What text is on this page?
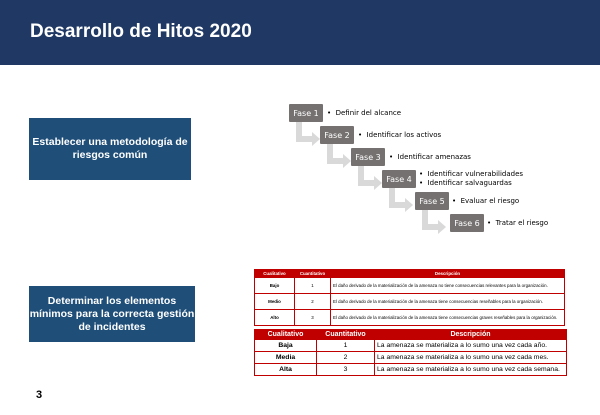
Desarrollo de Hitos 2020
Establecer una metodología de riesgos común
Determinar los elementos mínimos para la correcta gestión de incidentes
Fase 1	•  Definir del alcance
Fase 2	•  Identificar los activos
Fase 3	•  Identificar amenazas
Fase 4
•  Identificar vulnerabilidades
•  Identificar salvaguardas
Fase 5	•  Evaluar el riesgo
Fase 6	•  Tratar el riesgo
Cualitativo	Cuantitativo	Descripción
Bajo	1	El daño derivado de la materialización de la amenaza no tiene consecuencias relevantes para la organización.
Medio	2	El daño derivado de la materialización de la amenaza tiene consecuencias reseñables para la organización.
Alto	3	El daño derivado de la materialización de la amenaza tiene consecuencias graves reseñables para la organización.
Cualitativo	Cuantitativo	Descripción
Baja	1	La amenaza se materializa a lo sumo una vez cada año.
Media	2	La amenaza se materializa a lo sumo una vez cada mes.
Alta	3	La amenaza se materializa a lo sumo una vez cada semana.
3
